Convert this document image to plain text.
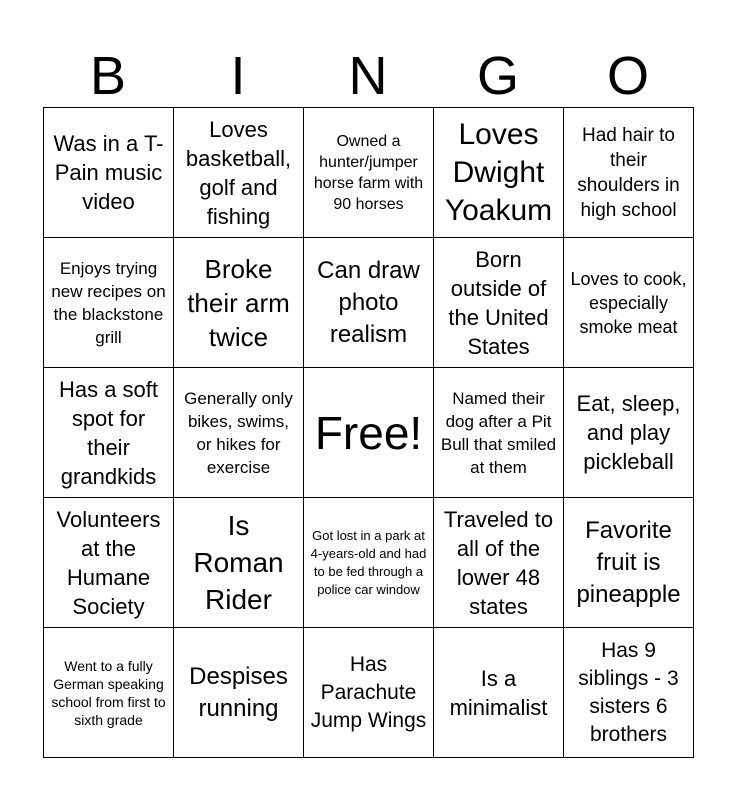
B	I	N	G	O
Was in a T-Pain music video
Loves basketball, golf and fishing
Owned a hunter/jumper horse farm with 90 horses
Loves Dwight Yoakum
Had hair to their shoulders in high school
Enjoys trying new recipes on the blackstone grill
Broke their arm twice
Can draw photo realism
Born outside of the United States
Loves to cook, especially smoke meat
Has a soft spot for their grandkids
Generally only bikes, swims, or hikes for exercise
Free!
Named their dog after a Pit Bull that smiled at them
Eat, sleep, and play pickleball
Volunteers at the Humane Society
Is Roman Rider
Got lost in a park at 4-years-old and had to be fed through a police car window
Traveled to all of the lower 48 states
Favorite fruit is pineapple
Went to a fully German speaking school from first to sixth grade
Despises running
Has Parachute Jump Wings
Is a minimalist
Has 9 siblings - 3 sisters 6 brothers
